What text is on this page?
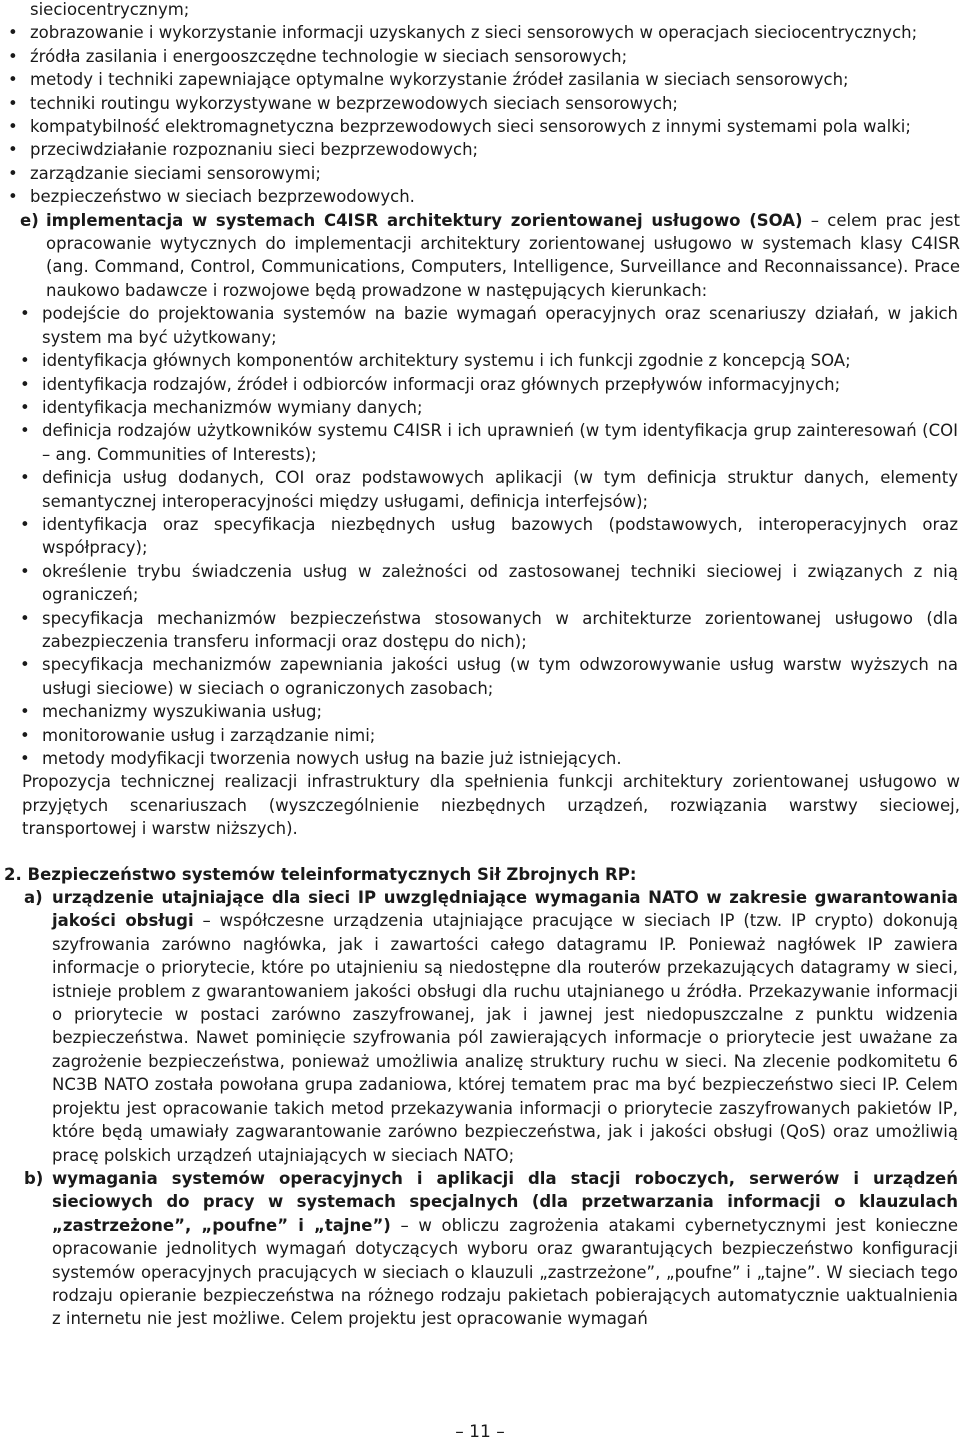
sieciocentrycznym;
• zobrazowanie i wykorzystanie informacji uzyskanych z sieci sensorowych w operacjach sieciocentrycznych;
• źródła zasilania i energooszczędne technologie w sieciach sensorowych;
• metody i techniki zapewniające optymalne wykorzystanie źródeł zasilania w sieciach sensorowych;
• techniki routingu wykorzystywane w bezprzewodowych sieciach sensorowych;
• kompatybilność elektromagnetyczna bezprzewodowych sieci sensorowych z innymi systemami pola walki;
• przeciwdziałanie rozpoznaniu sieci bezprzewodowych;
• zarządzanie sieciami sensorowymi;
• bezpieczeństwo w sieciach bezprzewodowych.
e) implementacja w systemach C4ISR architektury zorientowanej usługowo (SOA) – celem prac jest opracowanie wytycznych do implementacji architektury zorientowanej usługowo w systemach klasy C4ISR (ang. Command, Control, Communications, Computers, Intelligence, Surveillance and Reconnaissance). Prace naukowo badawcze i rozwojowe będą prowadzone w następujących kierunkach:
• podejście do projektowania systemów na bazie wymagań operacyjnych oraz scenariuszy działań, w jakich system ma być użytkowany;
• identyfikacja głównych komponentów architektury systemu i ich funkcji zgodnie z koncepcją SOA;
• identyfikacja rodzajów, źródeł i odbiorców informacji oraz głównych przepływów informacyjnych;
• identyfikacja mechanizmów wymiany danych;
• definicja rodzajów użytkowników systemu C4ISR i ich uprawnień (w tym identyfikacja grup zainteresowań (COI – ang. Communities of Interests);
• definicja usług dodanych, COI oraz podstawowych aplikacji (w tym definicja struktur danych, elementy semantycznej interoperacyjności między usługami, definicja interfejsów);
• identyfikacja oraz specyfikacja niezbędnych usług bazowych (podstawowych, interoperacyjnych oraz współpracy);
• określenie trybu świadczenia usług w zależności od zastosowanej techniki sieciowej i związanych z nią ograniczeń;
• specyfikacja mechanizmów bezpieczeństwa stosowanych w architekturze zorientowanej usługowo (dla zabezpieczenia transferu informacji oraz dostępu do nich);
• specyfikacja mechanizmów zapewniania jakości usług (w tym odwzorowywanie usług warstw wyższych na usługi sieciowe) w sieciach o ograniczonych zasobach;
• mechanizmy wyszukiwania usług;
• monitorowanie usług i zarządzanie nimi;
• metody modyfikacji tworzenia nowych usług na bazie już istniejących.
Propozycja technicznej realizacji infrastruktury dla spełnienia funkcji architektury zorientowanej usługowo w przyjętych scenariuszach (wyszczególnienie niezbędnych urządzeń, rozwiązania warstwy sieciowej, transportowej i warstw niższych).
2. Bezpieczeństwo systemów teleinformatycznych Sił Zbrojnych RP:
a) urządzenie utajniające dla sieci IP uwzględniające wymagania NATO w zakresie gwarantowania jakości obsługi – współczesne urządzenia utajniające pracujące w sieciach IP (tzw. IP crypto) dokonują szyfrowania zarówno nagłówka, jak i zawartości całego datagramu IP. Ponieważ nagłówek IP zawiera informacje o priorytecie, które po utajnieniu są niedostępne dla routerów przekazujących datagramy w sieci, istnieje problem z gwarantowaniem jakości obsługi dla ruchu utajnianego u źródła. Przekazywanie informacji o priorytecie w postaci zarówno zaszyfrowanej, jak i jawnej jest niedopuszczalne z punktu widzenia bezpieczeństwa. Nawet pominięcie szyfrowania pól zawierających informacje o priorytecie jest uważane za zagrożenie bezpieczeństwa, ponieważ umożliwia analizę struktury ruchu w sieci. Na zlecenie podkomitetu 6 NC3B NATO została powołana grupa zadaniowa, której tematem prac ma być bezpieczeństwo sieci IP. Celem projektu jest opracowanie takich metod przekazywania informacji o priorytecie zaszyfrowanych pakietów IP, które będą umawiały zagwarantowanie zarówno bezpieczeństwa, jak i jakości obsługi (QoS) oraz umożliwią pracę polskich urządzeń utajniających w sieciach NATO;
b) wymagania systemów operacyjnych i aplikacji dla stacji roboczych, serwerów i urządzeń sieciowych do pracy w systemach specjalnych (dla przetwarzania informacji o klauzulach „zastrzeżone”, „poufne” i „tajne”) – w obliczu zagrożenia atakami cybernetycznymi jest konieczne opracowanie jednolitych wymagań dotyczących wyboru oraz gwarantujących bezpieczeństwo konfiguracji systemów operacyjnych pracujących w sieciach o klauzuli „zastrzeżone”, „poufne” i „tajne”. W sieciach tego rodzaju opieranie bezpieczeństwa na różnego rodzaju pakietach pobierających automatycznie uaktualnienia z internetu nie jest możliwe. Celem projektu jest opracowanie wymagań
– 11 –
